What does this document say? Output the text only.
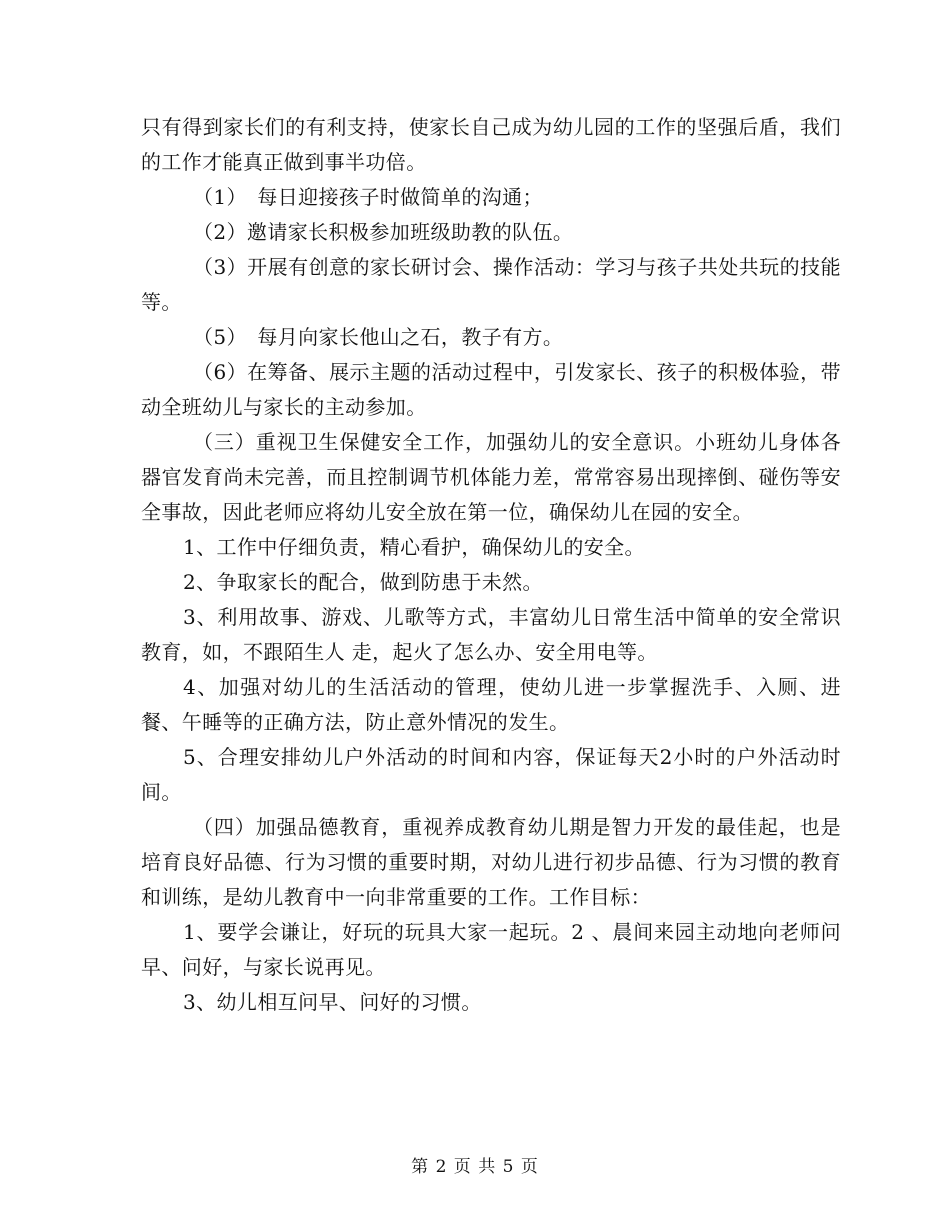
只有得到家长们的有利支持，使家长自己成为幼儿园的工作的坚强后盾，我们的工作才能真正做到事半功倍。

（1）　每日迎接孩子时做简单的沟通；

（2）邀请家长积极参加班级助教的队伍。

（3）开展有创意的家长研讨会、操作活动：学习与孩子共处共玩的技能等。

（5）　每月向家长他山之石，教子有方。

（6）在筹备、展示主题的活动过程中，引发家长、孩子的积极体验，带动全班幼儿与家长的主动参加。

（三）重视卫生保健安全工作，加强幼儿的安全意识。小班幼儿身体各器官发育尚未完善，而且控制调节机体能力差，常常容易出现摔倒、碰伤等安全事故，因此老师应将幼儿安全放在第一位，确保幼儿在园的安全。

1、工作中仔细负责，精心看护，确保幼儿的安全。

2、争取家长的配合，做到防患于未然。

3、利用故事、游戏、儿歌等方式，丰富幼儿日常生活中简单的安全常识教育，如，不跟陌生人 走，起火了怎么办、安全用电等。

4、加强对幼儿的生活活动的管理，使幼儿进一步掌握洗手、入厕、进餐、午睡等的正确方法，防止意外情况的发生。

5、合理安排幼儿户外活动的时间和内容，保证每天2小时的户外活动时间。

（四）加强品德教育，重视养成教育幼儿期是智力开发的最佳起，也是培育良好品德、行为习惯的重要时期，对幼儿进行初步品德、行为习惯的教育和训练，是幼儿教育中一向非常重要的工作。工作目标：

1、要学会谦让，好玩的玩具大家一起玩。2 、晨间来园主动地向老师问早、问好，与家长说再见。

3、幼儿相互问早、问好的习惯。

第 2 页 共 5 页
